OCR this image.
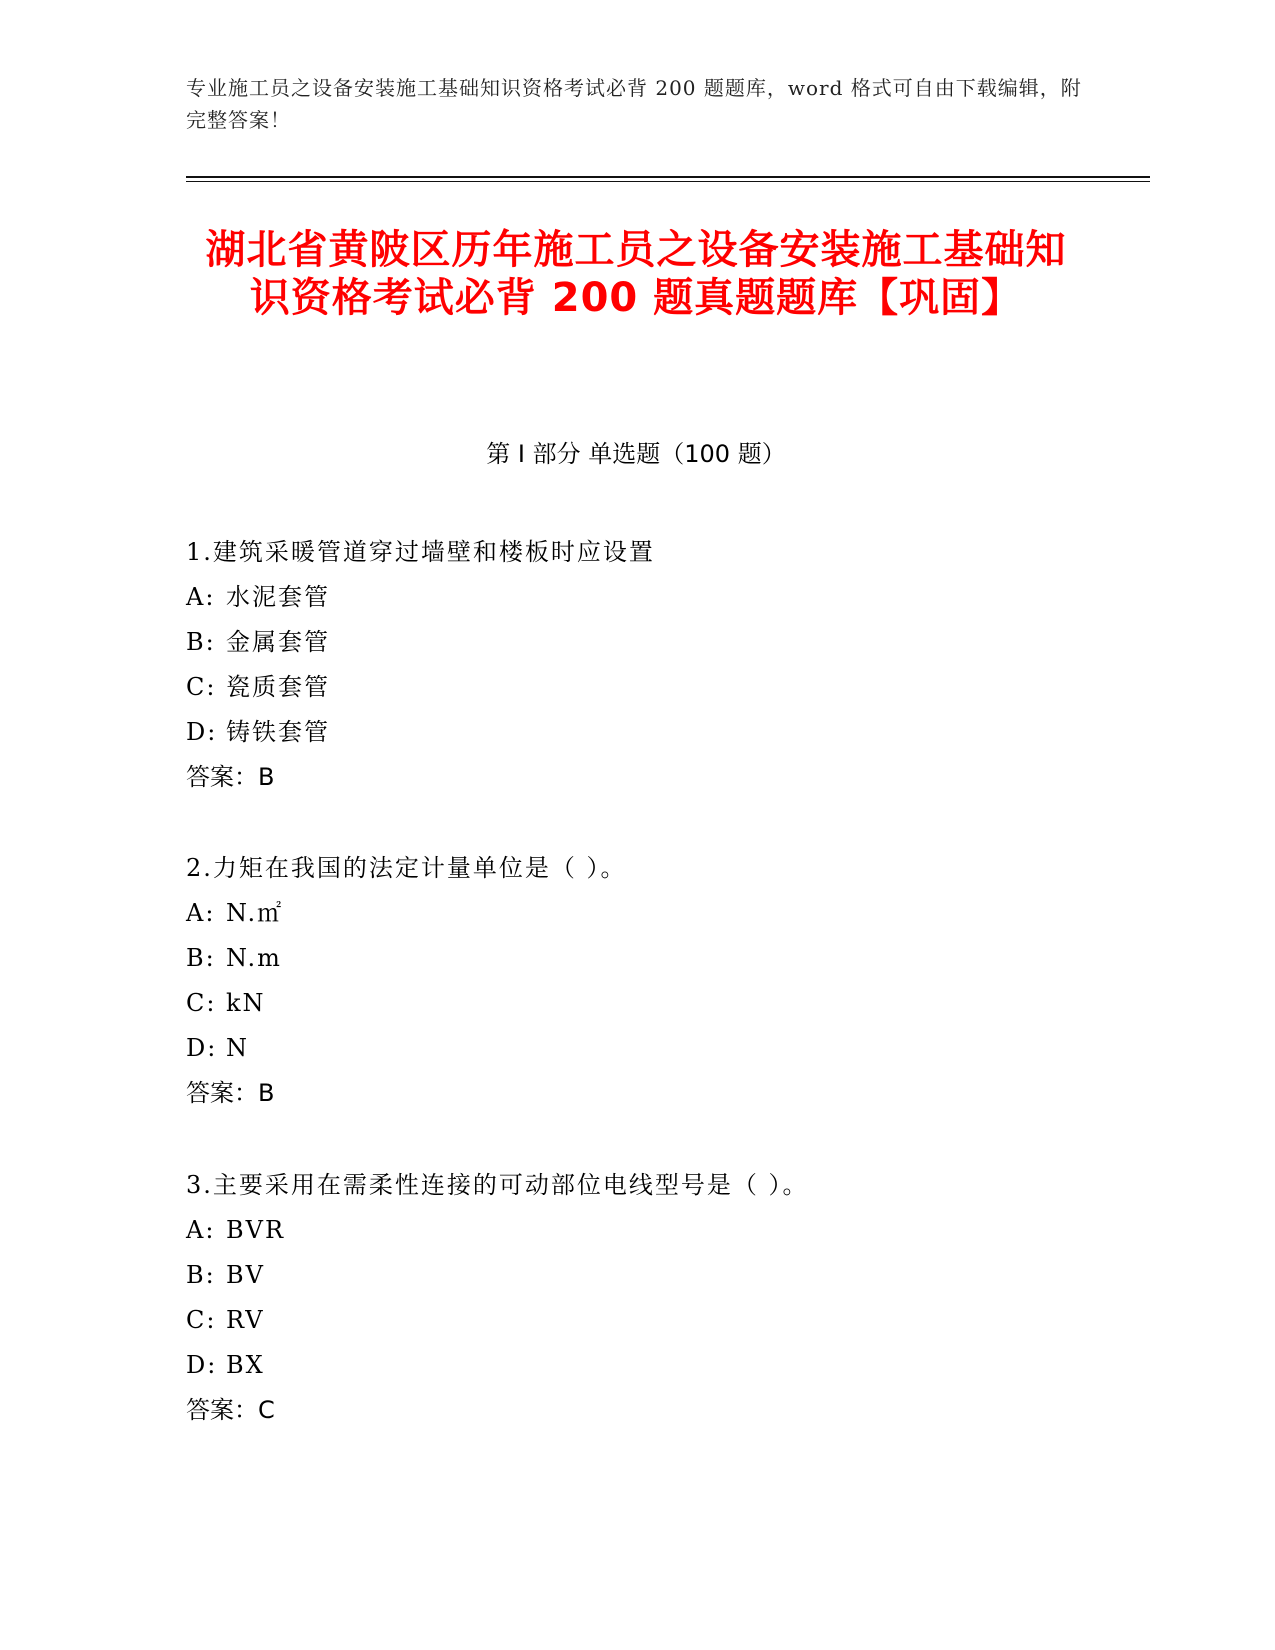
专业施工员之设备安装施工基础知识资格考试必背 200 题题库，word 格式可自由下载编辑，附完整答案！
湖北省黄陂区历年施工员之设备安装施工基础知识资格考试必背 200 题真题题库【巩固】
第 I 部分 单选题（100 题）
1.建筑采暖管道穿过墙壁和楼板时应设置
A: 水泥套管
B: 金属套管
C: 瓷质套管
D: 铸铁套管
答案：B
2.力矩在我国的法定计量单位是（ ）。
A: N.㎡
B: N.m
C: kN
D: N
答案：B
3.主要采用在需柔性连接的可动部位电线型号是（ ）。
A: BVR
B: BV
C: RV
D: BX
答案：C
